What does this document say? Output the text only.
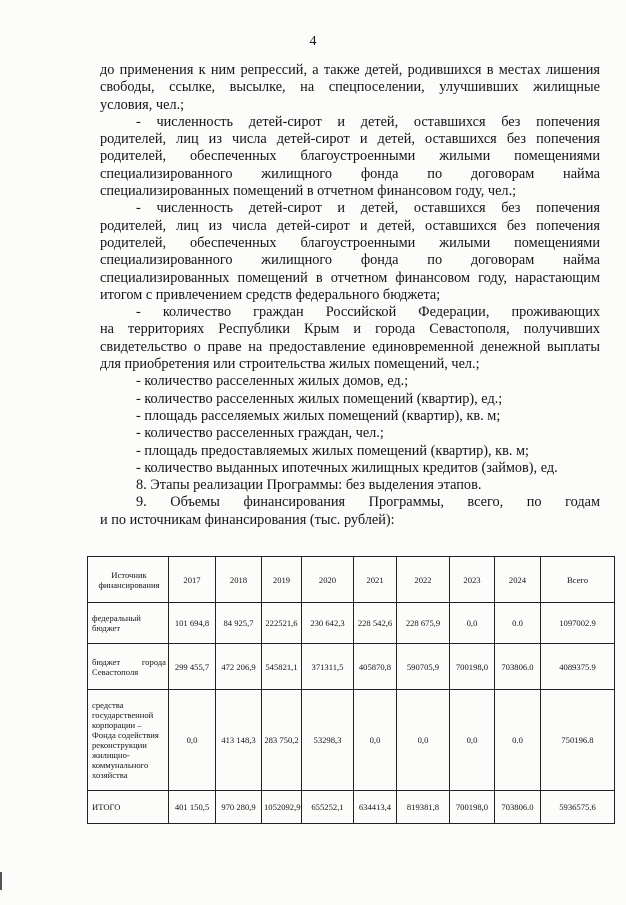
4

до применения к ним репрессий, а также детей, родившихся в местах лишения

свободы, ссылке, высылке, на спецпоселении, улучшивших жилищные

условия, чел.;

- численность детей-сирот и детей, оставшихся без попечения

родителей, лиц из числа детей-сирот и детей, оставшихся без попечения

родителей, обеспеченных благоустроенными жилыми помещениями

специализированного жилищного фонда по договорам найма

специализированных помещений в отчетном финансовом году, чел.;

- численность детей-сирот и детей, оставшихся без попечения

родителей, лиц из числа детей-сирот и детей, оставшихся без попечения

родителей, обеспеченных благоустроенными жилыми помещениями

специализированного жилищного фонда по договорам найма

специализированных помещений в отчетном финансовом году, нарастающим

итогом с привлечением средств федерального бюджета;

- количество граждан Российской Федерации, проживающих

на территориях Республики Крым и города Севастополя, получивших

свидетельство о праве на предоставление единовременной денежной выплаты

для приобретения или строительства жилых помещений, чел.;

- количество расселенных жилых домов, ед.;

- количество расселенных жилых помещений (квартир), ед.;

- площадь расселяемых жилых помещений (квартир), кв. м;

- количество расселенных граждан, чел.;

- площадь предоставляемых жилых помещений (квартир), кв. м;

- количество выданных ипотечных жилищных кредитов (займов), ед.

8. Этапы реализации Программы: без выделения этапов.

9. Объемы финансирования Программы, всего, по годам

и по источникам финансирования (тыс. рублей):

Источник финансирования	2017	2018	2019	2020	2021	2022	2023	2024	Всего
федеральный бюджет	101 694,8	84 925,7	222521,6	230 642,3	228 542,6	228 675,9	0,0	0.0	1097002.9

бюджет города
Севастополя	299 455,7	472 206,9	545821,1	371311,5	405870,8	590705,9	700198,0	703806.0	4089375.9
средства государственной корпорации – Фонда содействия реконструкции жилищно-коммунального хозяйства	0,0	413 148,3	283 750,2	53298,3	0,0	0,0	0,0	0.0	750196.8
ИТОГО	401 150,5	970 280,9	1052092,9	655252,1	634413,4	819381,8	700198,0	703806.0	5936575.6
